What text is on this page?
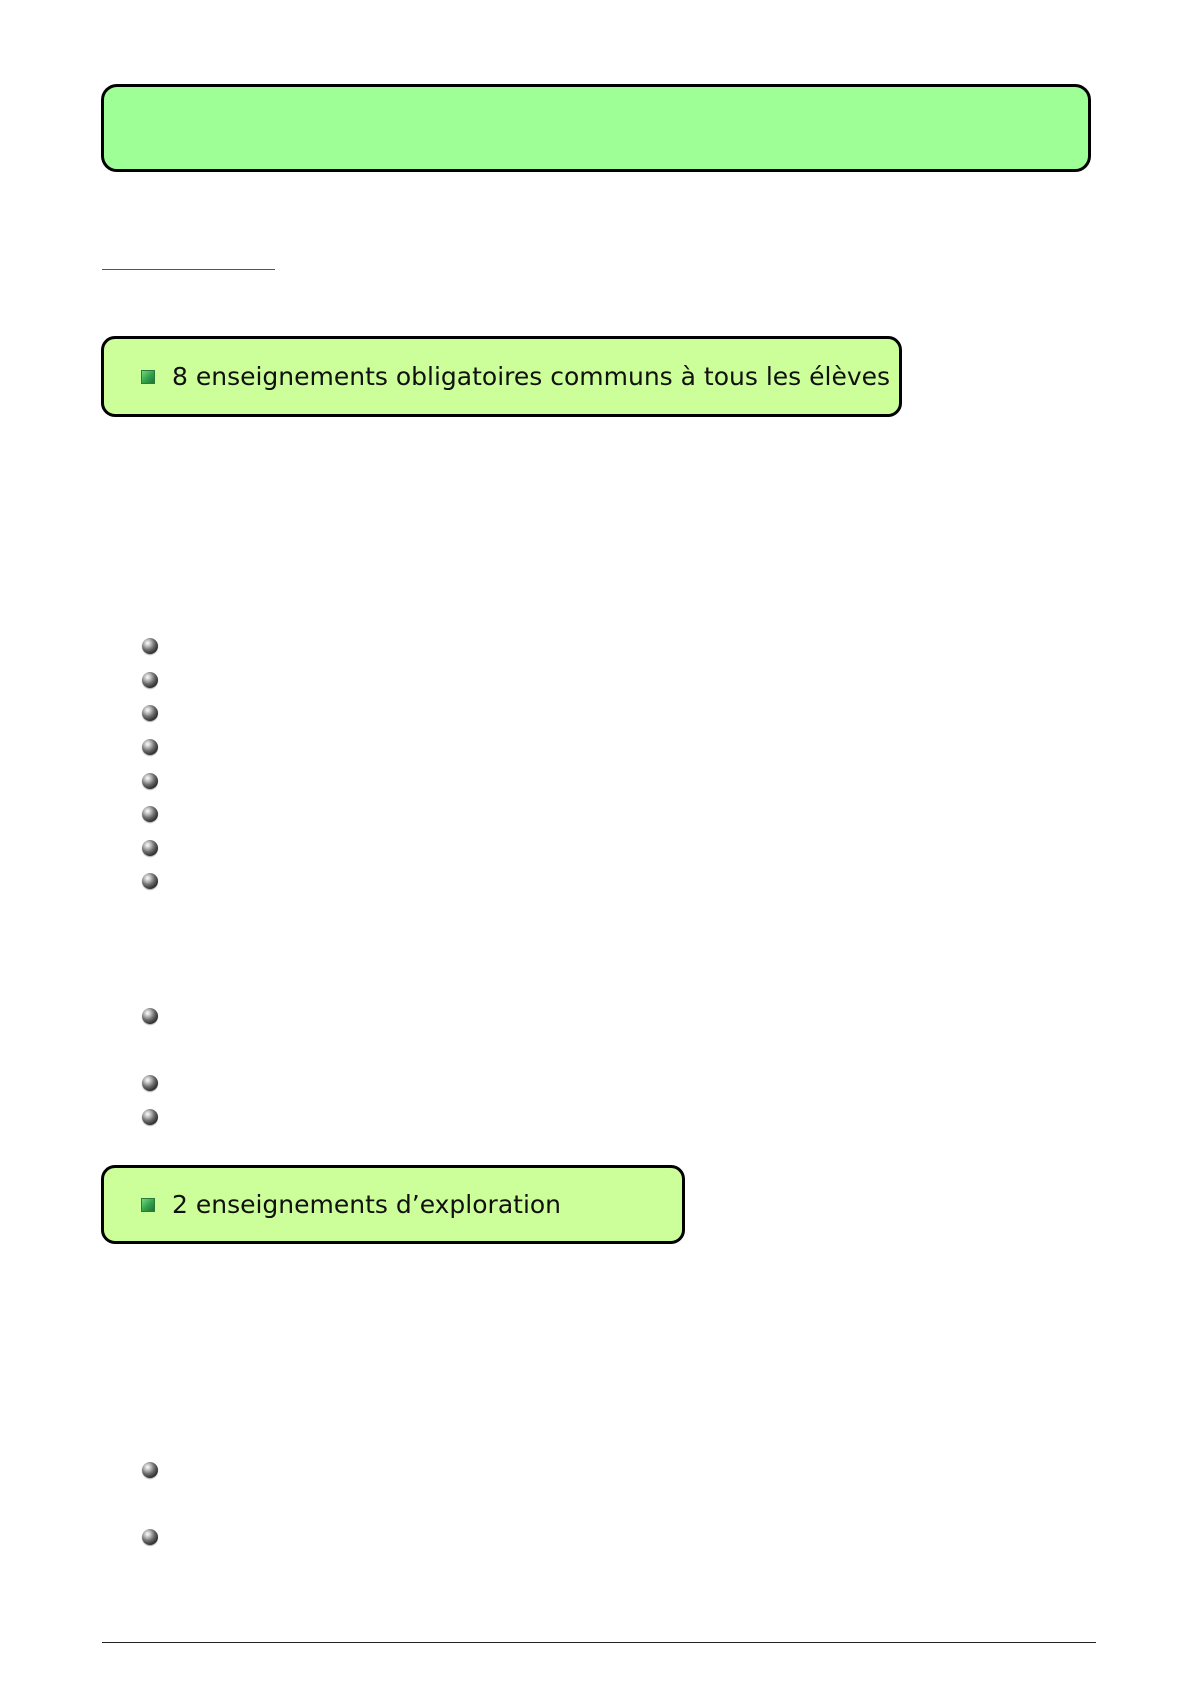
8 enseignements obligatoires communs à tous les élèves
2 enseignements d’exploration
